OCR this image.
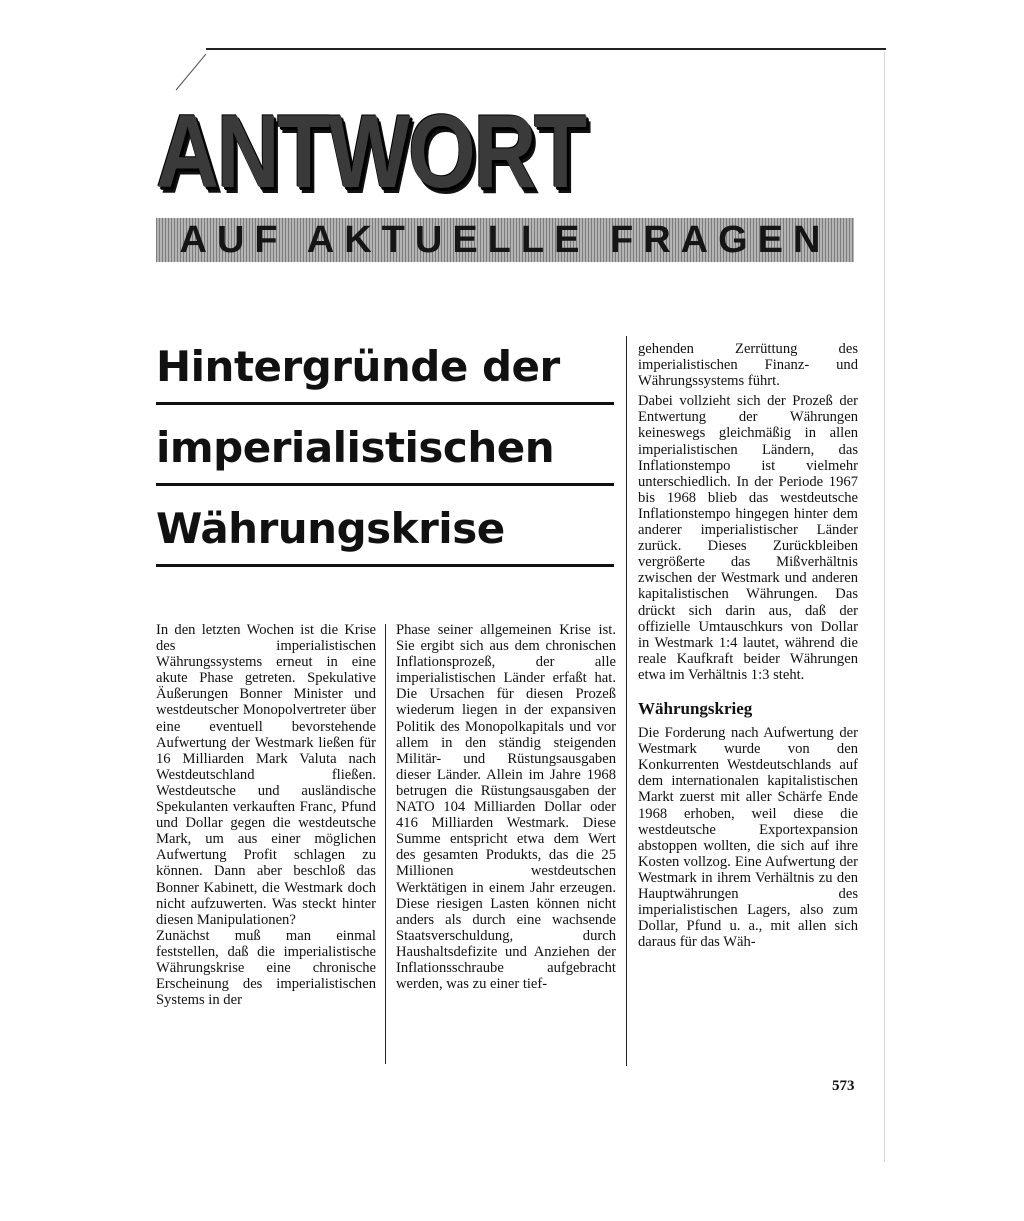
ANTWORT
AUF AKTUELLE FRAGEN
Hintergründe der
imperialistischen
Währungskrise

In den letzten Wochen ist die Krise des imperialistischen Währungssystems erneut in eine akute Phase getreten. Spekulative Äußerungen Bonner Minister und westdeutscher Monopolvertreter über eine eventuell bevorstehende Aufwertung der Westmark ließen für 16 Milliarden Mark Valuta nach Westdeutschland fließen. Westdeutsche und ausländische Spekulanten verkauften Franc, Pfund und Dollar gegen die westdeutsche Mark, um aus einer möglichen Aufwertung Profit schlagen zu können. Dann aber beschloß das Bonner Kabinett, die Westmark doch nicht aufzuwerten. Was steckt hinter diesen Manipulationen?

Zunächst muß man einmal feststellen, daß die imperialistische Währungskrise eine chronische Erscheinung des imperialistischen Systems in der

Phase seiner allgemeinen Krise ist. Sie ergibt sich aus dem chronischen Inflationsprozeß, der alle imperialistischen Länder erfaßt hat. Die Ursachen für diesen Prozeß wiederum liegen in der expansiven Politik des Monopolkapitals und vor allem in den ständig steigenden Militär- und Rüstungsausgaben dieser Länder. Allein im Jahre 1968 betrugen die Rüstungsausgaben der NATO 104 Milliarden Dollar oder 416 Milliarden Westmark. Diese Summe entspricht etwa dem Wert des gesamten Produkts, das die 25 Millionen westdeutschen Werktätigen in einem Jahr erzeugen. Diese riesigen Lasten können nicht anders als durch eine wachsende Staatsverschuldung, durch Haushaltsdefizite und Anziehen der Inflationsschraube aufgebracht werden, was zu einer tief-

gehenden Zerrüttung des imperialistischen Finanz- und Währungssystems führt.

Dabei vollzieht sich der Prozeß der Entwertung der Währungen keineswegs gleichmäßig in allen imperialistischen Ländern, das Inflationstempo ist vielmehr unterschiedlich. In der Periode 1967 bis 1968 blieb das westdeutsche Inflationstempo hingegen hinter dem anderer imperialistischer Länder zurück. Dieses Zurückbleiben vergrößerte das Mißverhältnis zwischen der Westmark und anderen kapitalistischen Währungen. Das drückt sich darin aus, daß der offizielle Umtauschkurs von Dollar in Westmark 1:4 lautet, während die reale Kaufkraft beider Währungen etwa im Verhältnis 1:3 steht.

Währungskrieg

Die Forderung nach Aufwertung der Westmark wurde von den Konkurrenten Westdeutschlands auf dem internationalen kapitalistischen Markt zuerst mit aller Schärfe Ende 1968 erhoben, weil diese die westdeutsche Exportexpansion abstoppen wollten, die sich auf ihre Kosten vollzog. Eine Aufwertung der Westmark in ihrem Verhältnis zu den Hauptwährungen des imperialistischen Lagers, also zum Dollar, Pfund u. a., mit allen sich daraus für das Wäh-

573
